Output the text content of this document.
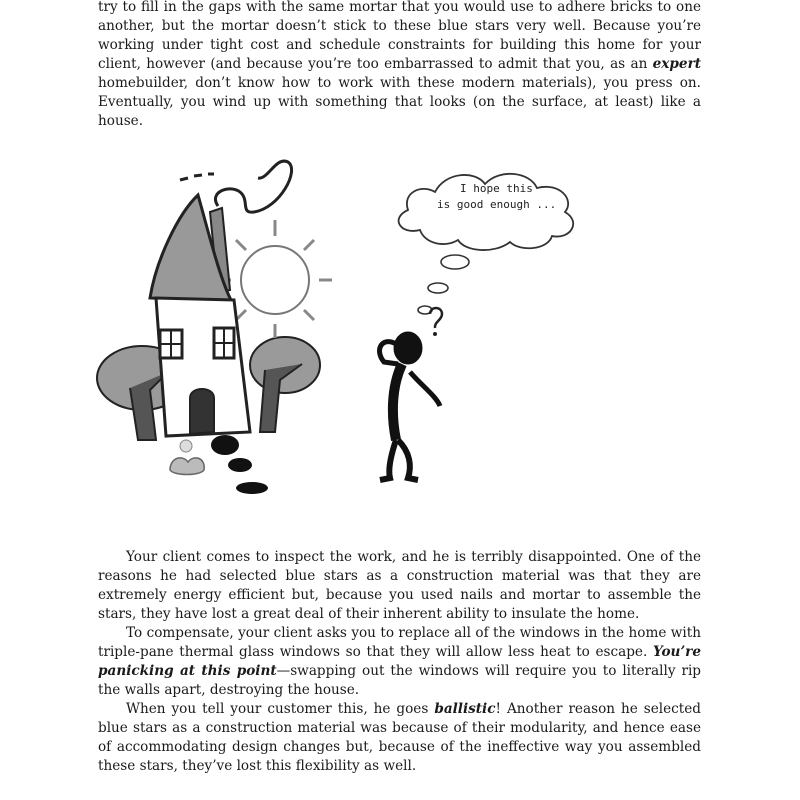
try to fill in the gaps with the same mortar that you would use to adhere bricks to one another, but the mortar doesn’t stick to these blue stars very well. Because you’re working under tight cost and schedule constraints for building this home for your client, however (and because you’re too embarrassed to admit that you, as an expert homebuilder, don’t know how to work with these modern materials), you press on. Eventually, you wind up with something that looks (on the surface, at least) like a house.

I hope this
is good enough ...

Your client comes to inspect the work, and he is terribly disappointed. One of the reasons he had selected blue stars as a construction material was that they are extremely energy efficient but, because you used nails and mortar to assemble the stars, they have lost a great deal of their inherent ability to insulate the home.

To compensate, your client asks you to replace all of the windows in the home with triple-pane thermal glass windows so that they will allow less heat to escape. You’re panicking at this point—swapping out the windows will require you to literally rip the walls apart, destroying the house.

When you tell your customer this, he goes ballistic! Another reason he selected blue stars as a construction material was because of their modularity, and hence ease of accommodating design changes but, because of the ineffective way you assembled these stars, they’ve lost this flexibility as well.
